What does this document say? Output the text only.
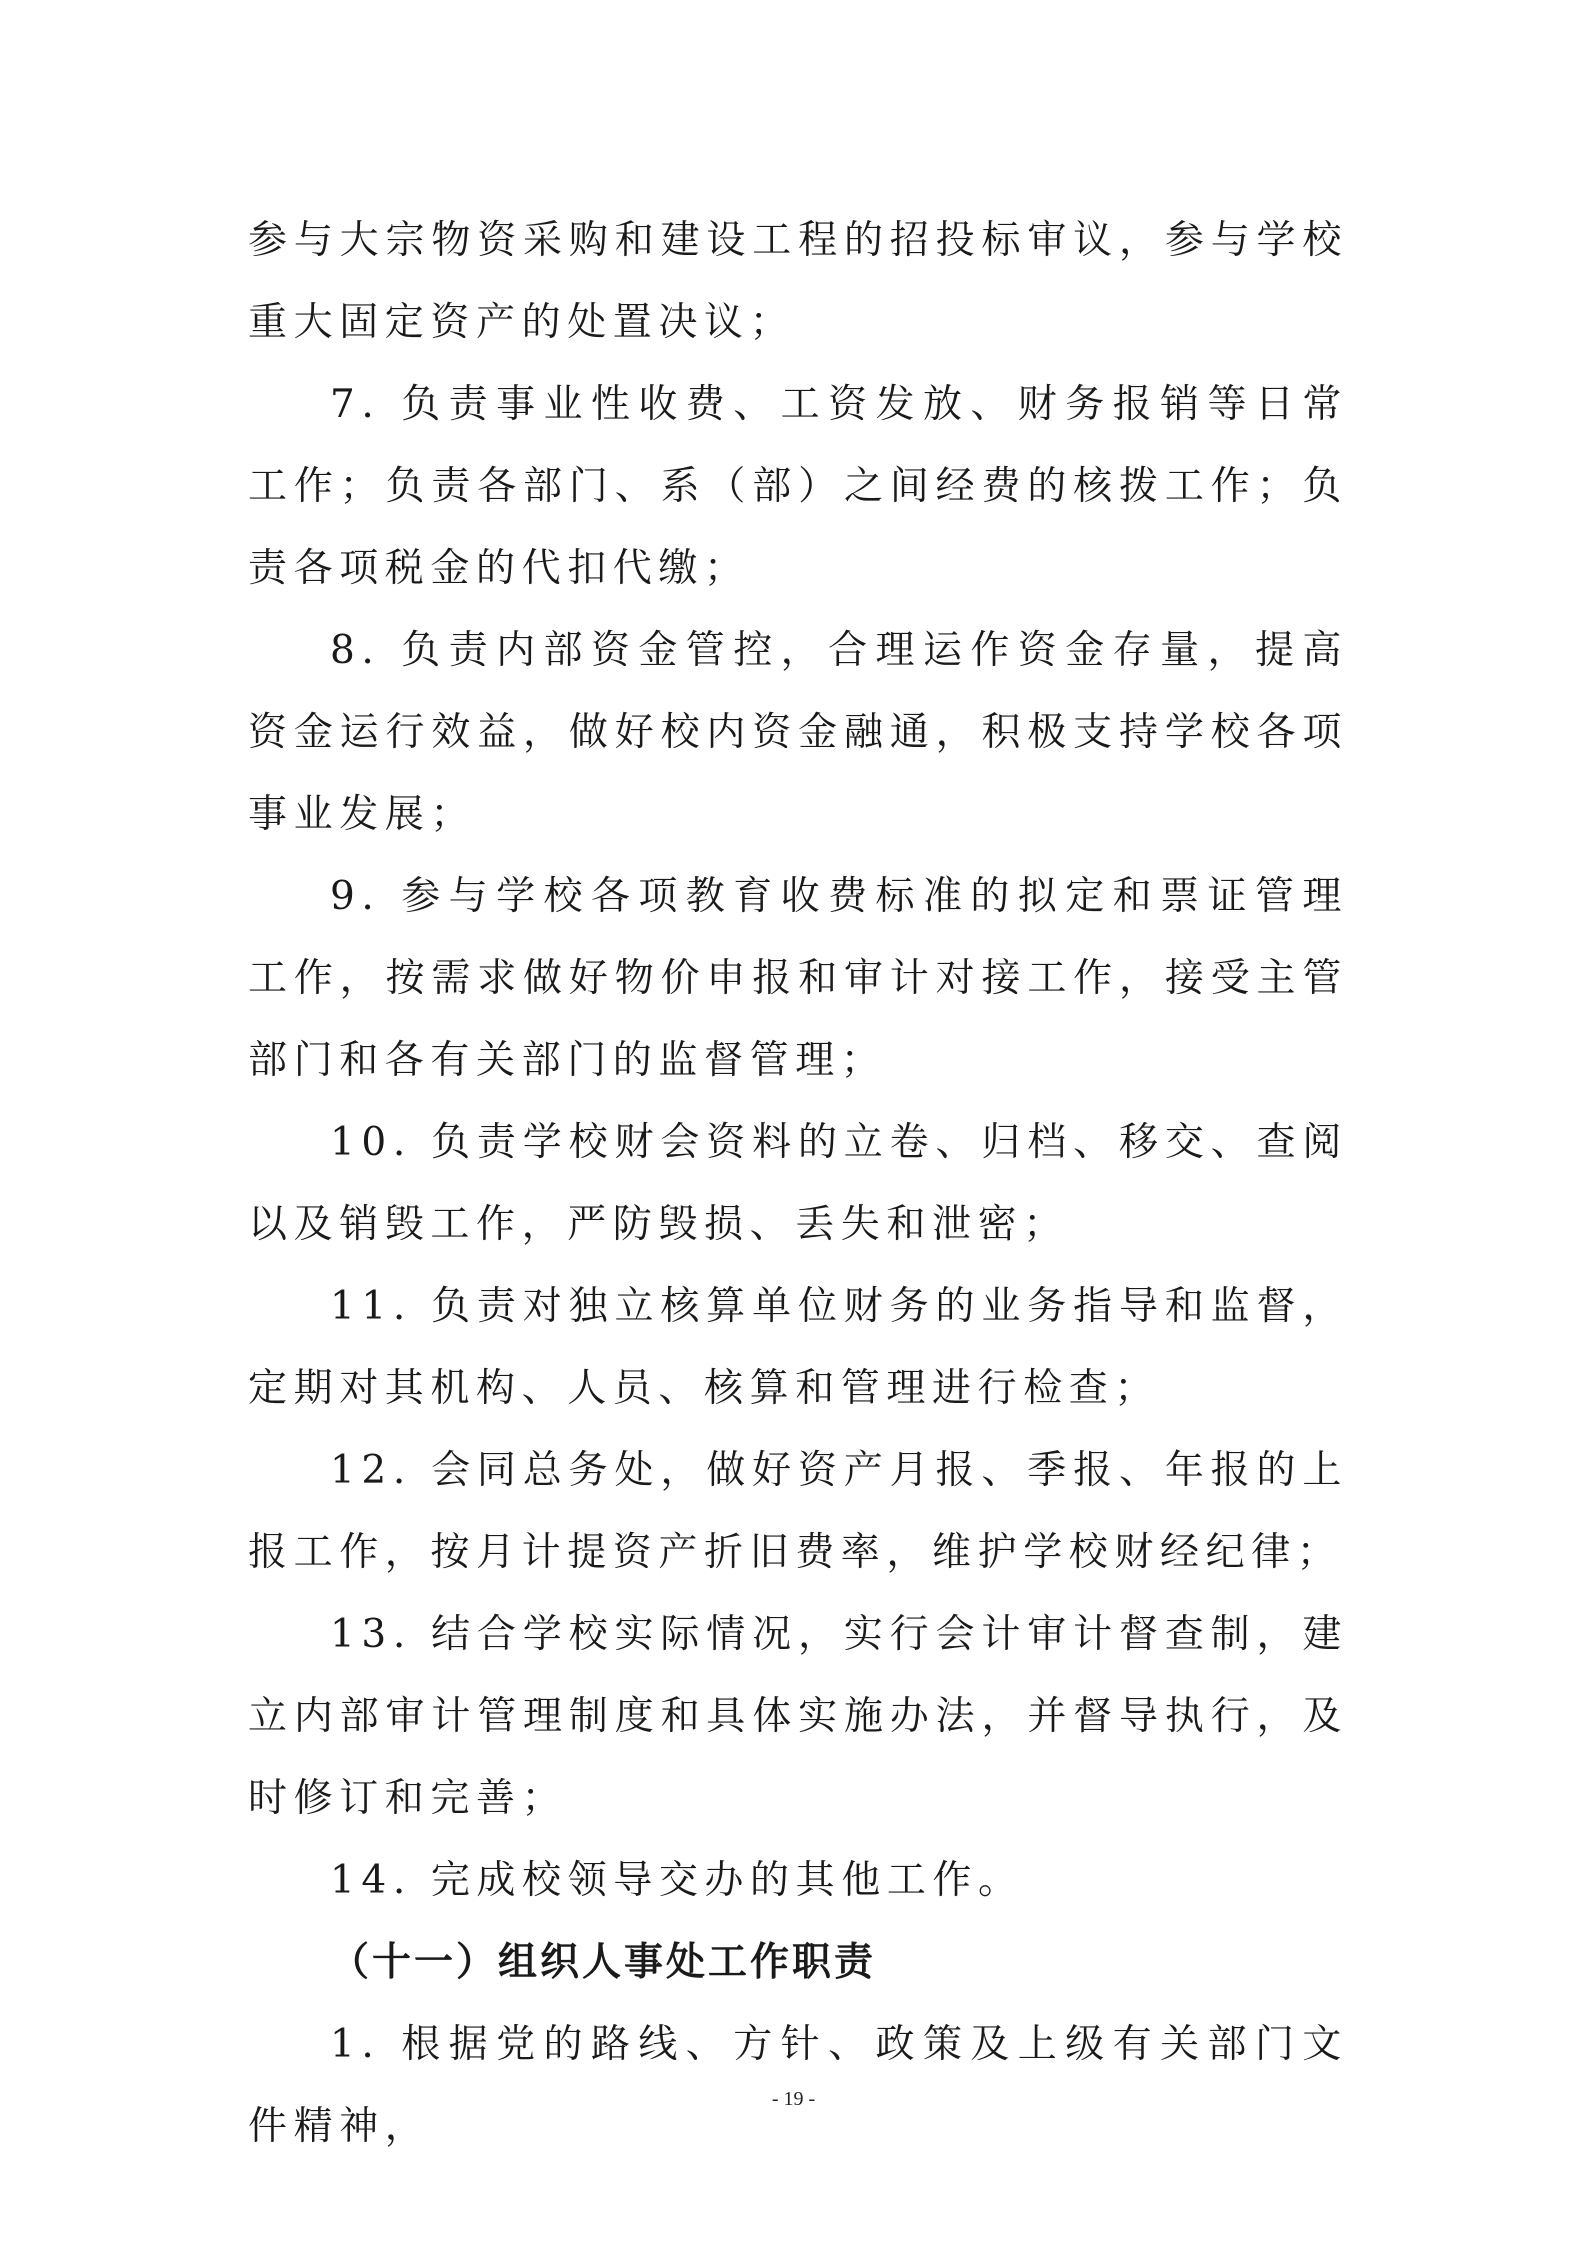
参与大宗物资采购和建设工程的招投标审议，参与学校重大固定资产的处置决议；

7. 负责事业性收费、工资发放、财务报销等日常工作；负责各部门、系（部）之间经费的核拨工作；负责各项税金的代扣代缴；

8. 负责内部资金管控，合理运作资金存量，提高资金运行效益，做好校内资金融通，积极支持学校各项事业发展；

9. 参与学校各项教育收费标准的拟定和票证管理工作，按需求做好物价申报和审计对接工作，接受主管部门和各有关部门的监督管理；

10. 负责学校财会资料的立卷、归档、移交、查阅以及销毁工作，严防毁损、丢失和泄密；

11. 负责对独立核算单位财务的业务指导和监督，定期对其机构、人员、核算和管理进行检查；

12. 会同总务处，做好资产月报、季报、年报的上报工作，按月计提资产折旧费率，维护学校财经纪律；

13. 结合学校实际情况，实行会计审计督查制，建立内部审计管理制度和具体实施办法，并督导执行，及时修订和完善；

14. 完成校领导交办的其他工作。

（十一）组织人事处工作职责

1. 根据党的路线、方针、政策及上级有关部门文件精神，

- 19 -
